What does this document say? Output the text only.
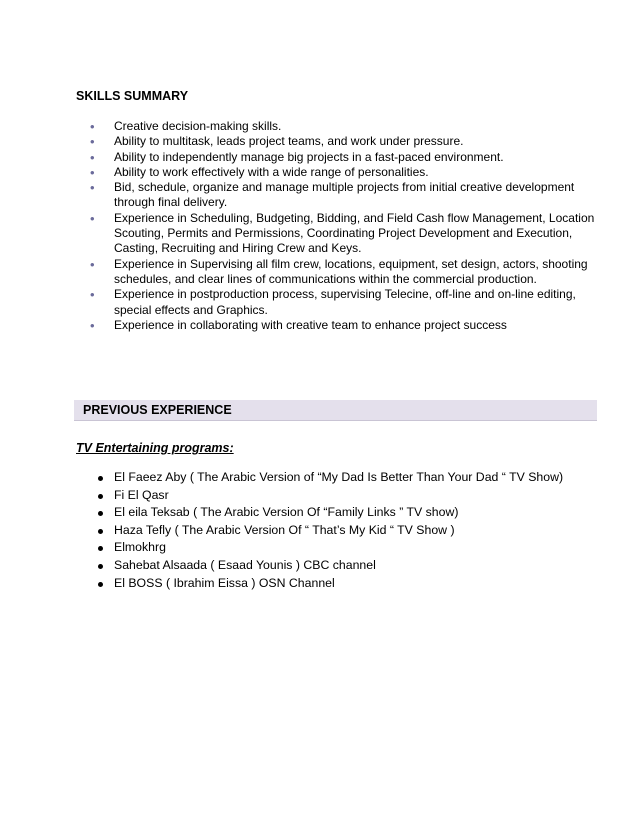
SKILLS SUMMARY
• Creative decision-making skills.
• Ability to multitask, leads project teams, and work under pressure.
• Ability to independently manage big projects in a fast-paced environment.
• Ability to work effectively with a wide range of personalities.
• Bid, schedule, organize and manage multiple projects from initial creative development through final delivery.
• Experience in Scheduling, Budgeting, Bidding, and Field Cash flow Management, Location Scouting, Permits and Permissions, Coordinating Project Development and Execution, Casting, Recruiting and Hiring Crew and Keys.
• Experience in Supervising all film crew, locations, equipment, set design, actors, shooting schedules, and clear lines of communications within the commercial production.
• Experience in postproduction process, supervising Telecine, off-line and on-line editing, special effects and Graphics.
• Experience in collaborating with creative team to enhance project success
PREVIOUS EXPERIENCE
TV Entertaining programs:
El Faeez Aby ( The Arabic Version of “My Dad Is Better Than Your Dad “ TV Show)
Fi El Qasr
El eila Teksab ( The Arabic Version Of “Family Links ” TV show)
Haza Tefly ( The Arabic Version Of “ That’s My Kid “ TV Show )
Elmokhrg
Sahebat Alsaada ( Esaad Younis ) CBC channel
El BOSS ( Ibrahim Eissa ) OSN Channel
